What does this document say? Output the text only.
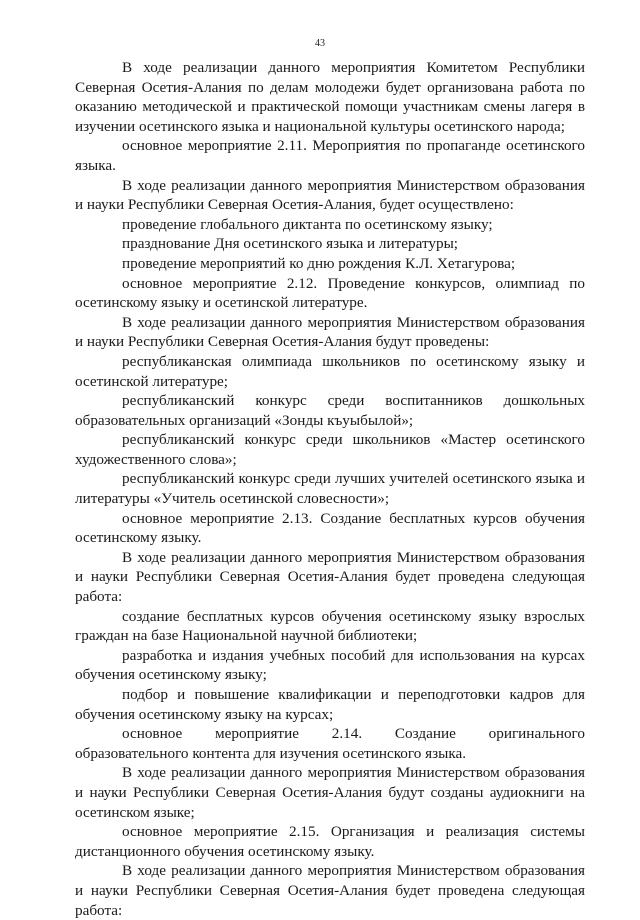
43

В ходе реализации данного мероприятия Комитетом Республики Северная Осетия-Алания по делам молодежи будет организована работа по оказанию методической и практической помощи участникам смены лагеря в изучении осетинского языка и национальной культуры осетинского народа;

основное мероприятие 2.11. Мероприятия по пропаганде осетинского языка.

В ходе реализации данного мероприятия Министерством образования и науки Республики Северная Осетия-Алания, будет осуществлено:

проведение глобального диктанта по осетинскому языку;

празднование Дня осетинского языка и литературы;

проведение мероприятий ко дню рождения К.Л. Хетагурова;

основное мероприятие 2.12. Проведение конкурсов, олимпиад по осетинскому языку и осетинской литературе.

В ходе реализации данного мероприятия Министерством образования и науки Республики Северная Осетия-Алания будут проведены:

республиканская олимпиада школьников по осетинскому языку и осетинской литературе;

республиканский конкурс среди воспитанников дошкольных образовательных организаций «Зонды къуыбылой»;

республиканский конкурс среди школьников «Мастер осетинского художественного слова»;

республиканский конкурс среди лучших учителей осетинского языка и литературы «Учитель осетинской словесности»;

основное мероприятие 2.13. Создание бесплатных курсов обучения осетинскому языку.

В ходе реализации данного мероприятия Министерством образования и науки Республики Северная Осетия-Алания будет проведена следующая работа:

создание бесплатных курсов обучения осетинскому языку взрослых граждан на базе Национальной научной библиотеки;

разработка и издания учебных пособий для использования на курсах обучения осетинскому языку;

подбор и повышение квалификации и переподготовки кадров для обучения осетинскому языку на курсах;

основное мероприятие 2.14. Создание оригинального образовательного контента для изучения осетинского языка.

В ходе реализации данного мероприятия Министерством образования и науки Республики Северная Осетия-Алания будут созданы аудиокниги на осетинском языке;

основное мероприятие 2.15. Организация и реализация системы дистанционного обучения осетинскому языку.

В ходе реализации данного мероприятия Министерством образования и науки Республики Северная Осетия-Алания будет проведена следующая работа:
